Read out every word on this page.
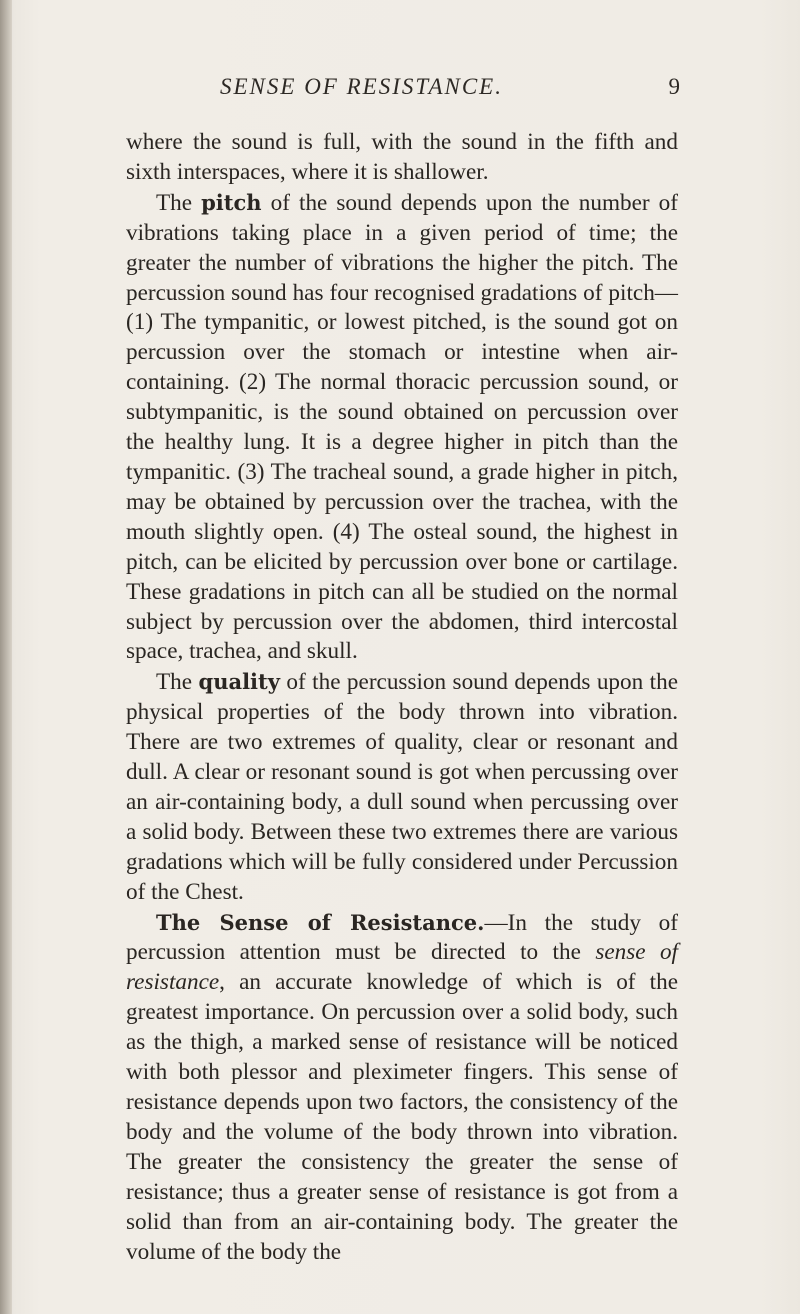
SENSE OF RESISTANCE.	9

where the sound is full, with the sound in the fifth and sixth interspaces, where it is shallower.

The pitch of the sound depends upon the number of vibrations taking place in a given period of time; the greater the number of vibrations the higher the pitch. The percussion sound has four recognised gradations of pitch—(1) The tympanitic, or lowest pitched, is the sound got on percussion over the stomach or intestine when air-containing. (2) The normal thoracic percussion sound, or subtympanitic, is the sound obtained on percussion over the healthy lung. It is a degree higher in pitch than the tympanitic. (3) The tracheal sound, a grade higher in pitch, may be obtained by percussion over the trachea, with the mouth slightly open. (4) The osteal sound, the highest in pitch, can be elicited by percussion over bone or cartilage. These gradations in pitch can all be studied on the normal subject by percussion over the abdomen, third intercostal space, trachea, and skull.

The quality of the percussion sound depends upon the physical properties of the body thrown into vibration. There are two extremes of quality, clear or resonant and dull. A clear or resonant sound is got when percussing over an air-containing body, a dull sound when percussing over a solid body. Between these two extremes there are various gradations which will be fully considered under Percussion of the Chest.

The Sense of Resistance.—In the study of percussion attention must be directed to the sense of resistance, an accurate knowledge of which is of the greatest importance. On percussion over a solid body, such as the thigh, a marked sense of resistance will be noticed with both plessor and pleximeter fingers. This sense of resistance depends upon two factors, the consistency of the body and the volume of the body thrown into vibration. The greater the consistency the greater the sense of resistance; thus a greater sense of resistance is got from a solid than from an air-containing body. The greater the volume of the body the
